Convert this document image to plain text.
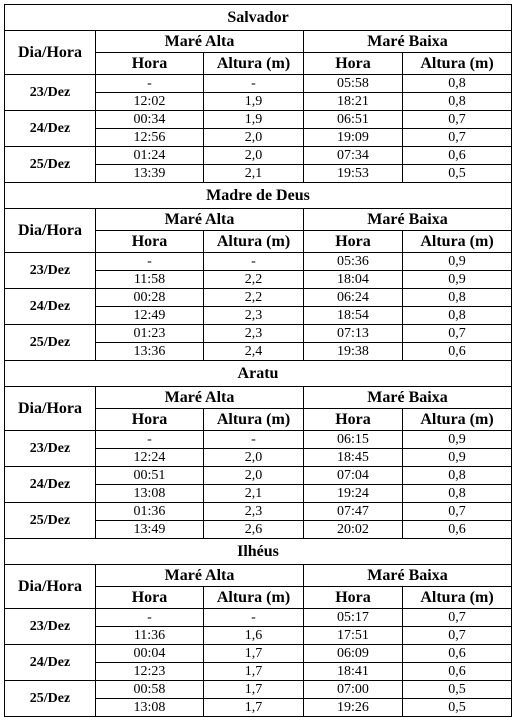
Salvador				
Dia/Hora	Maré Alta		Maré Baixa	
	Hora	Altura (m)	Hora	Altura (m)
23/Dez	-	-	05:58	0,8
	12:02	1,9	18:21	0,8
24/Dez	00:34	1,9	06:51	0,7
	12:56	2,0	19:09	0,7
25/Dez	01:24	2,0	07:34	0,6
	13:39	2,1	19:53	0,5
Madre de Deus				
Dia/Hora	Maré Alta		Maré Baixa	
	Hora	Altura (m)	Hora	Altura (m)
23/Dez	-	-	05:36	0,9
	11:58	2,2	18:04	0,9
24/Dez	00:28	2,2	06:24	0,8
	12:49	2,3	18:54	0,8
25/Dez	01:23	2,3	07:13	0,7
	13:36	2,4	19:38	0,6
Aratu				
Dia/Hora	Maré Alta		Maré Baixa	
	Hora	Altura (m)	Hora	Altura (m)
23/Dez	-	-	06:15	0,9
	12:24	2,0	18:45	0,9
24/Dez	00:51	2,0	07:04	0,8
	13:08	2,1	19:24	0,8
25/Dez	01:36	2,3	07:47	0,7
	13:49	2,6	20:02	0,6
Ilhéus				
Dia/Hora	Maré Alta		Maré Baixa	
	Hora	Altura (m)	Hora	Altura (m)
23/Dez	-	-	05:17	0,7
	11:36	1,6	17:51	0,7
24/Dez	00:04	1,7	06:09	0,6
	12:23	1,7	18:41	0,6
25/Dez	00:58	1,7	07:00	0,5
	13:08	1,7	19:26	0,5
